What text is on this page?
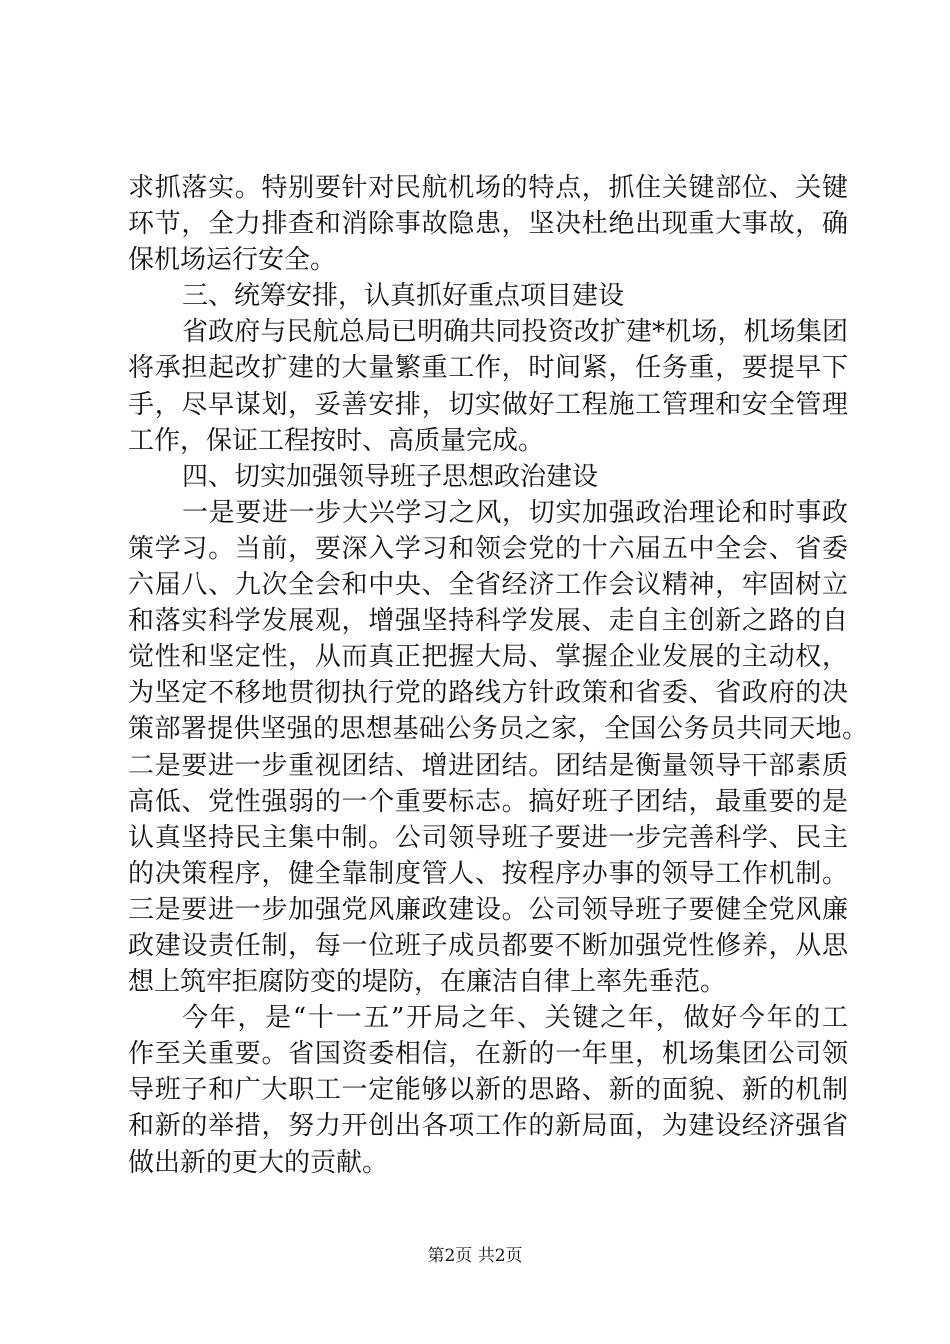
求抓落实。特别要针对民航机场的特点，抓住关键部位、关键
环节，全力排查和消除事故隐患，坚决杜绝出现重大事故，确
保机场运行安全。
三、统筹安排，认真抓好重点项目建设
省政府与民航总局已明确共同投资改扩建*机场，机场集团
将承担起改扩建的大量繁重工作，时间紧，任务重，要提早下
手，尽早谋划，妥善安排，切实做好工程施工管理和安全管理
工作，保证工程按时、高质量完成。
四、切实加强领导班子思想政治建设
一是要进一步大兴学习之风，切实加强政治理论和时事政
策学习。当前，要深入学习和领会党的十六届五中全会、省委
六届八、九次全会和中央、全省经济工作会议精神，牢固树立
和落实科学发展观，增强坚持科学发展、走自主创新之路的自
觉性和坚定性，从而真正把握大局、掌握企业发展的主动权，
为坚定不移地贯彻执行党的路线方针政策和省委、省政府的决
策部署提供坚强的思想基础公务员之家，全国公务员共同天地。
二是要进一步重视团结、增进团结。团结是衡量领导干部素质
高低、党性强弱的一个重要标志。搞好班子团结，最重要的是
认真坚持民主集中制。公司领导班子要进一步完善科学、民主
的决策程序，健全靠制度管人、按程序办事的领导工作机制。
三是要进一步加强党风廉政建设。公司领导班子要健全党风廉
政建设责任制，每一位班子成员都要不断加强党性修养，从思
想上筑牢拒腐防变的堤防，在廉洁自律上率先垂范。
今年，是“十一五”开局之年、关键之年，做好今年的工
作至关重要。省国资委相信，在新的一年里，机场集团公司领
导班子和广大职工一定能够以新的思路、新的面貌、新的机制
和新的举措，努力开创出各项工作的新局面，为建设经济强省
做出新的更大的贡献。
第2页 共2页
